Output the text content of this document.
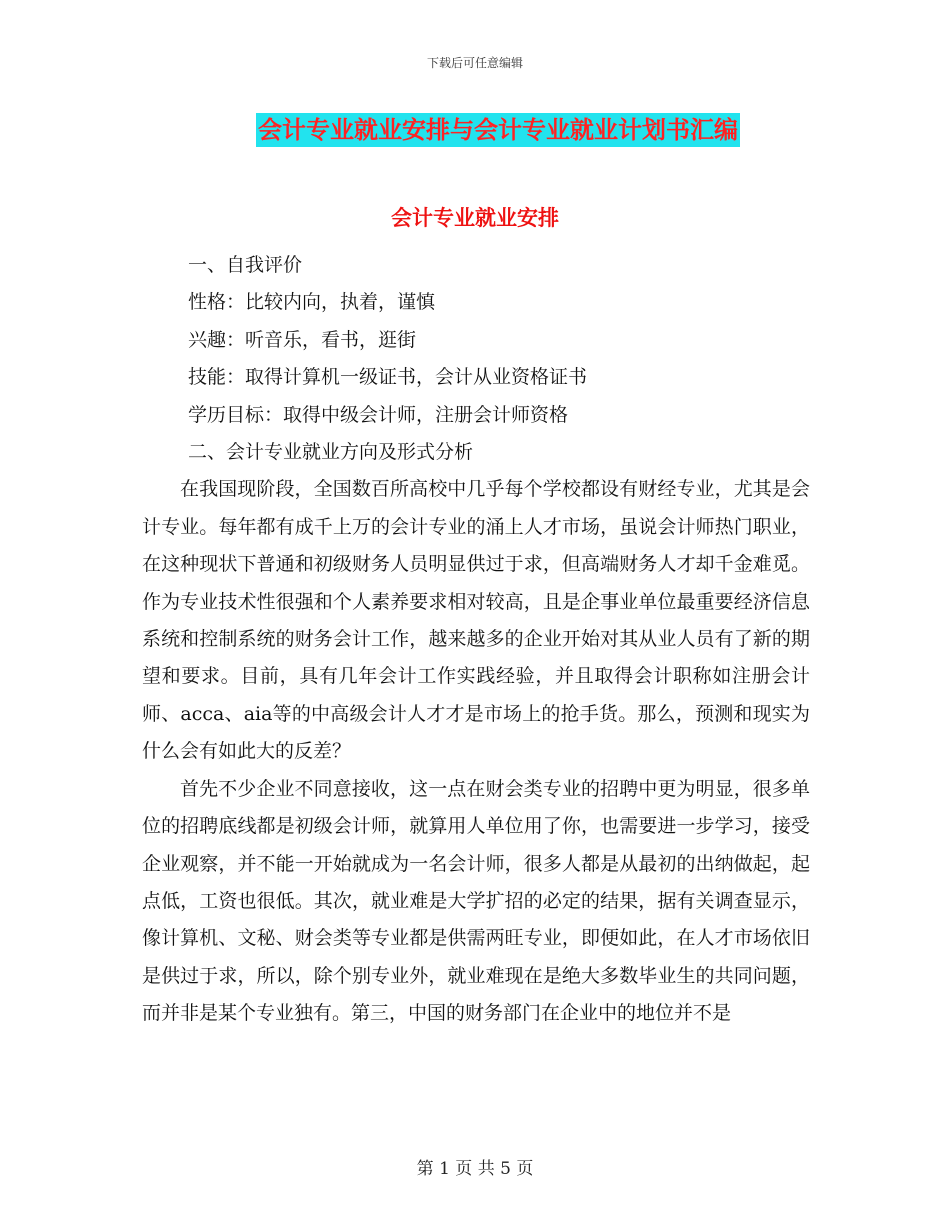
下载后可任意编辑
会计专业就业安排与会计专业就业计划书汇编
会计专业就业安排

一、自我评价

性格：比较内向，执着，谨慎

兴趣：听音乐，看书，逛街

技能：取得计算机一级证书，会计从业资格证书

学历目标：取得中级会计师，注册会计师资格

二、会计专业就业方向及形式分析

在我国现阶段，全国数百所高校中几乎每个学校都设有财经专业，尤其是会计专业。每年都有成千上万的会计专业的涌上人才市场，虽说会计师热门职业，在这种现状下普通和初级财务人员明显供过于求，但高端财务人才却千金难觅。作为专业技术性很强和个人素养要求相对较高，且是企事业单位最重要经济信息系统和控制系统的财务会计工作，越来越多的企业开始对其从业人员有了新的期望和要求。目前，具有几年会计工作实践经验，并且取得会计职称如注册会计师、acca、aia等的中高级会计人才才是市场上的抢手货。那么，预测和现实为什么会有如此大的反差？

首先不少企业不同意接收，这一点在财会类专业的招聘中更为明显，很多单位的招聘底线都是初级会计师，就算用人单位用了你，也需要进一步学习，接受企业观察，并不能一开始就成为一名会计师，很多人都是从最初的出纳做起，起点低，工资也很低。其次，就业难是大学扩招的必定的结果，据有关调查显示，像计算机、文秘、财会类等专业都是供需两旺专业，即便如此，在人才市场依旧是供过于求，所以，除个别专业外，就业难现在是绝大多数毕业生的共同问题，而并非是某个专业独有。第三，中国的财务部门在企业中的地位并不是

第 1 页 共 5 页
